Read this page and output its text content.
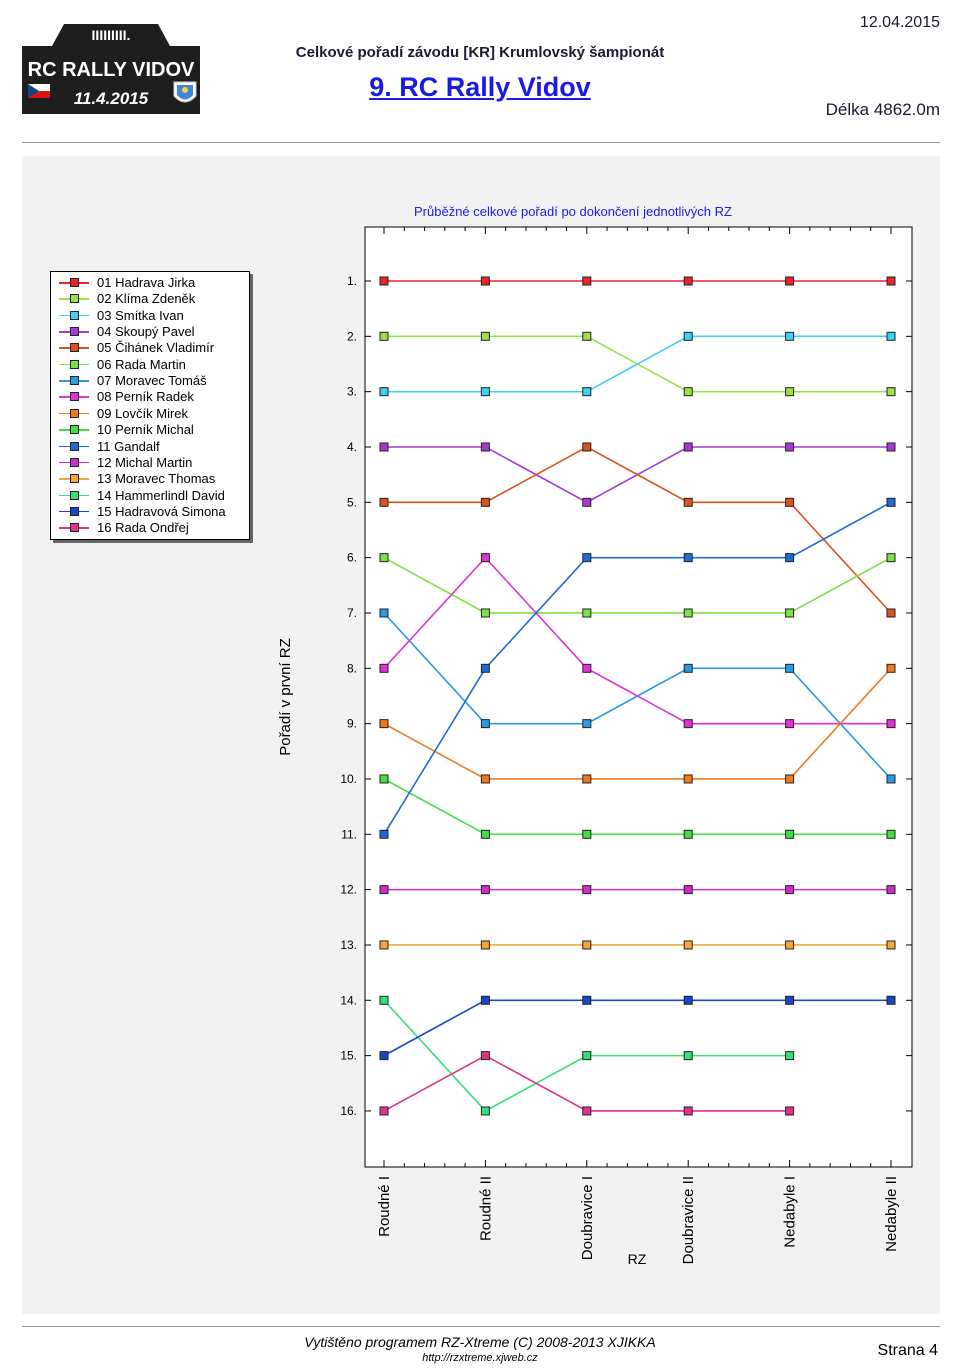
IIIIIIIII.
RC RALLY VIDOV
11.4.2015
Celkové pořadí závodu [KR] Krumlovský šampionát
9. RC Rally Vidov
12.04.2015
Délka 4862.0m
Průběžné celkové pořadí po dokončení jednotlivých RZ
1.
2.
3.
4.
5.
6.
7.
8.
9.
10.
11.
12.
13.
14.
15.
16.
Roudné I	Roudné II	Doubravice I	Doubravice II	Nedabyle I	Nedabyle II
Pořadí v první RZ
RZ
01 Hadrava Jirka
02 Klíma Zdeněk
03 Smítka Ivan
04 Skoupý Pavel
05 Čihánek Vladimír
06 Rada Martin
07 Moravec Tomáš
08 Perník Radek
09 Lovčík Mirek
10 Perník Michal
11 Gandalf
12 Michal Martin
13 Moravec Thomas
14 Hammerlindl David
15 Hadravová Simona
16 Rada Ondřej
Vytištěno programem RZ-Xtreme (C) 2008-2013 XJIKKA
http://rzxtreme.xjweb.cz	Strana 4
